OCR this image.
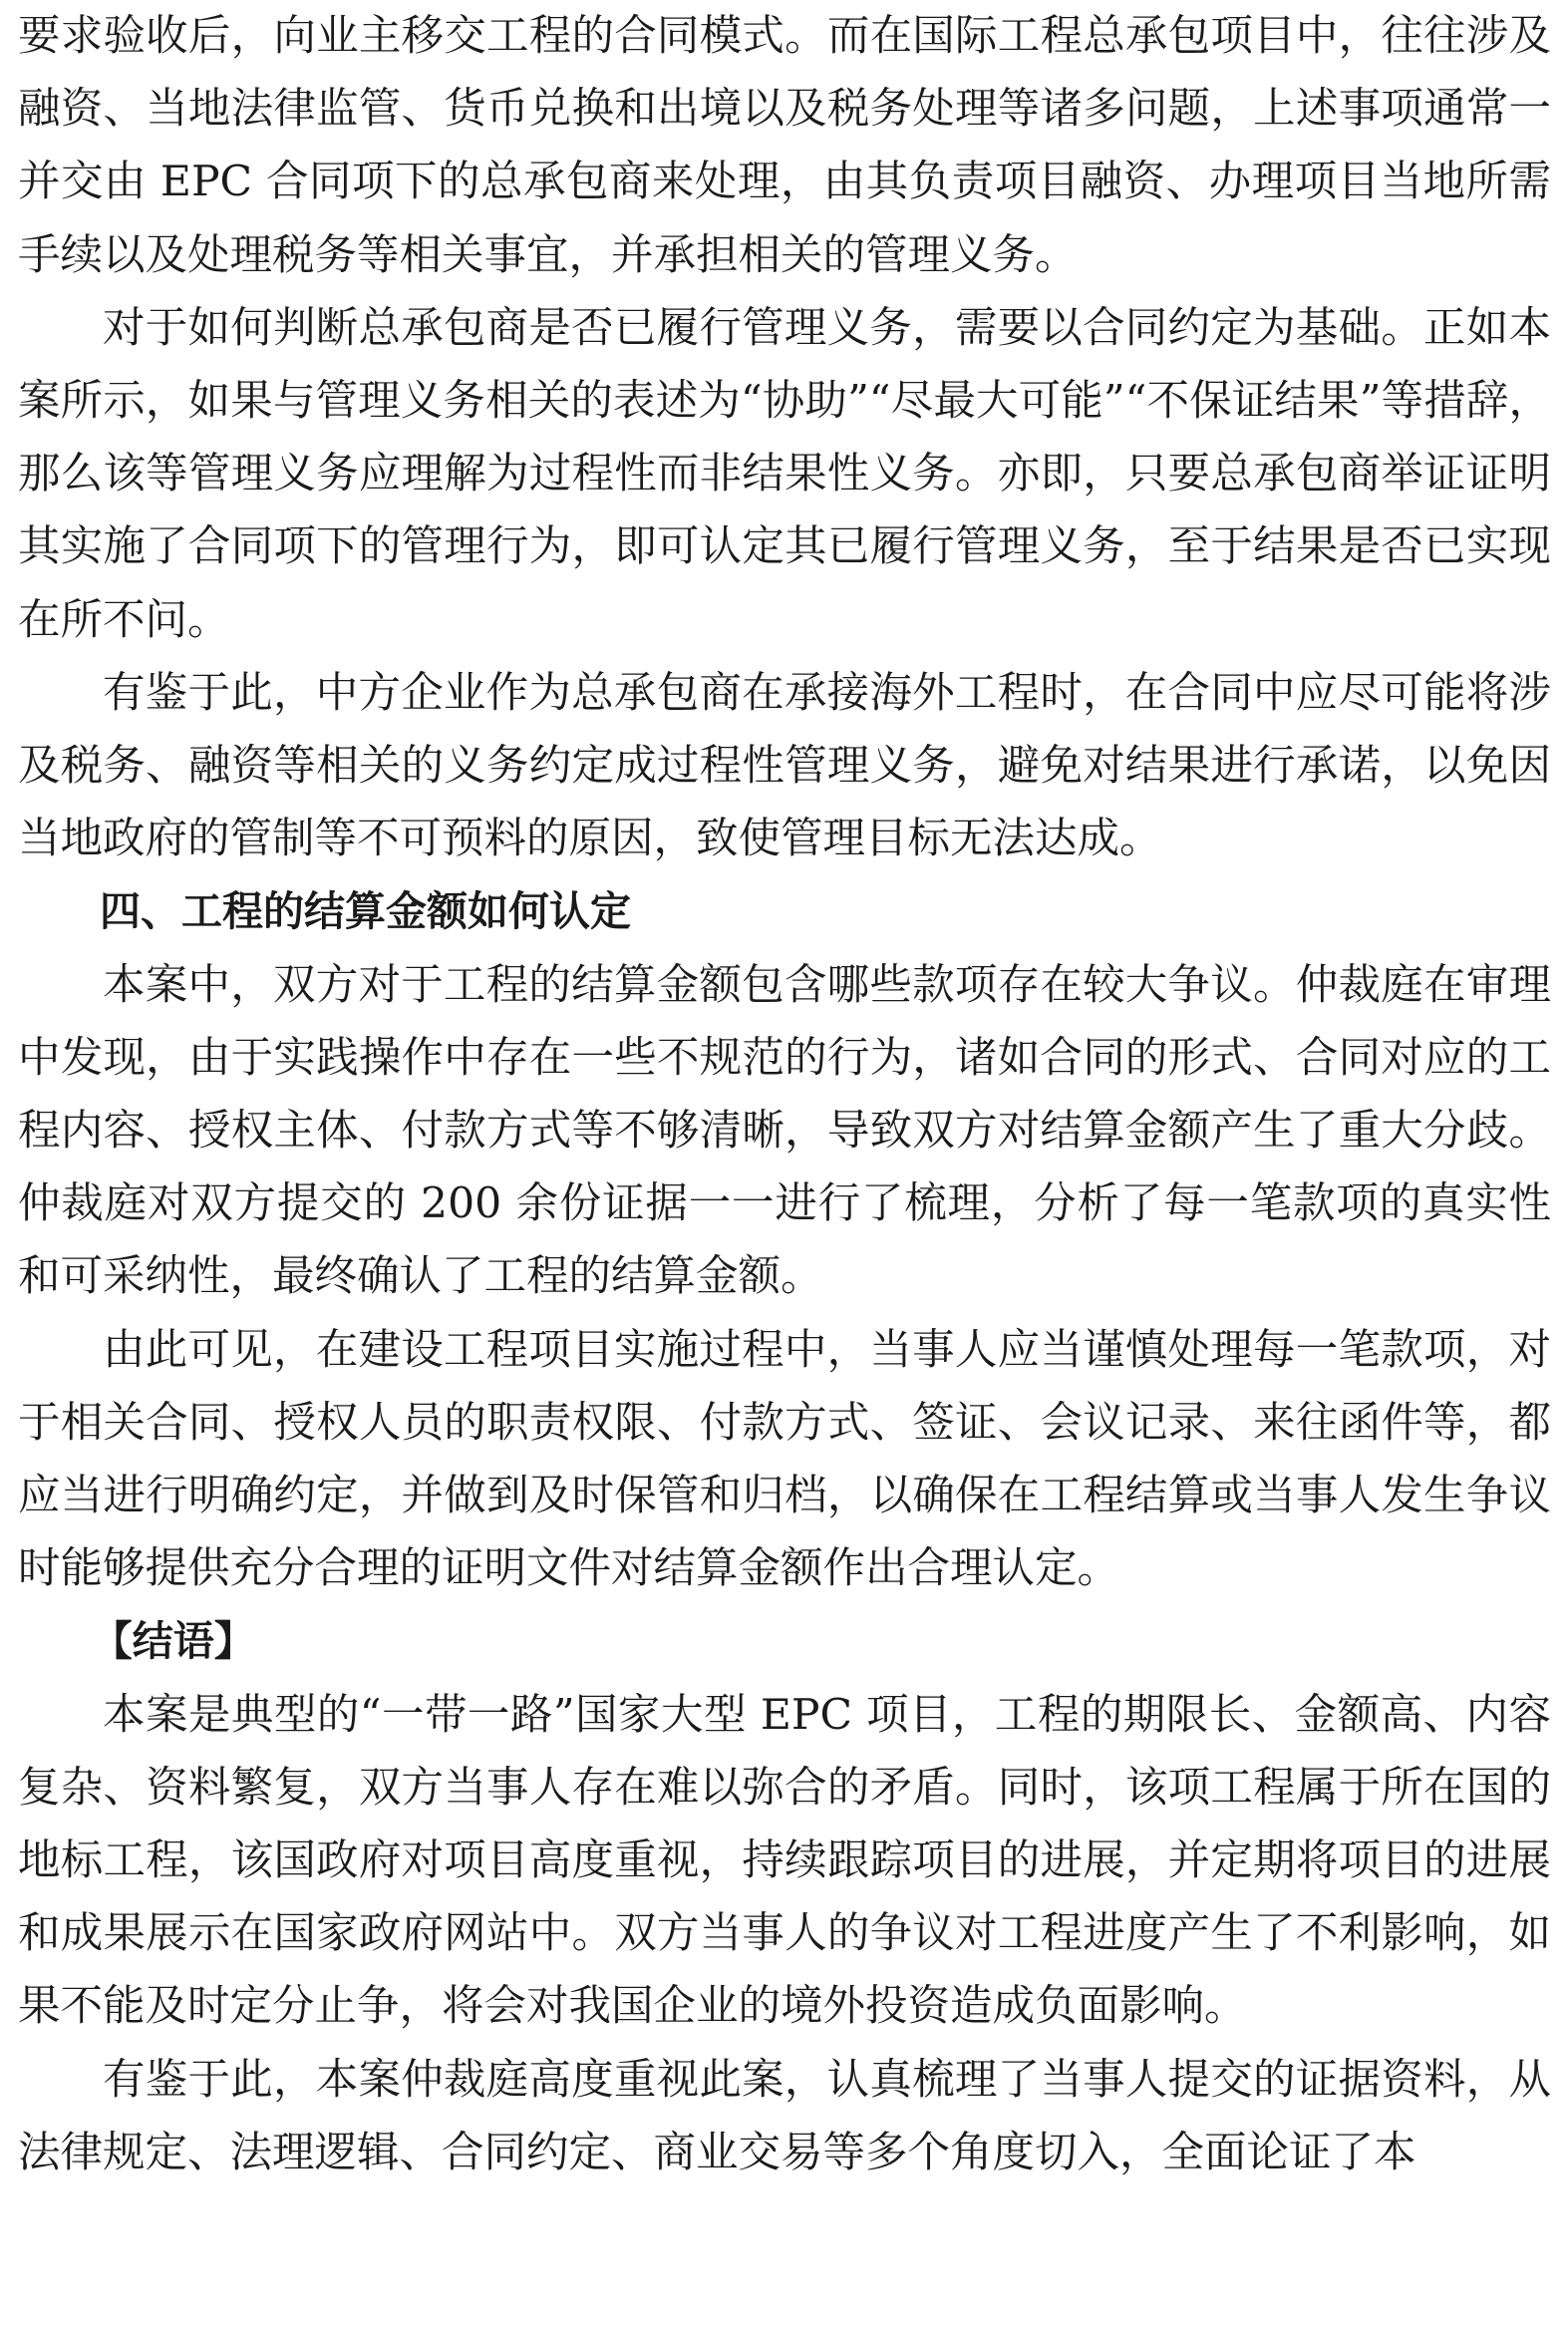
要求验收后，向业主移交工程的合同模式。而在国际工程总承包项目中，往往涉及融资、当地法律监管、货币兑换和出境以及税务处理等诸多问题，上述事项通常一并交由 EPC 合同项下的总承包商来处理，由其负责项目融资、办理项目当地所需手续以及处理税务等相关事宜，并承担相关的管理义务。

对于如何判断总承包商是否已履行管理义务，需要以合同约定为基础。正如本案所示，如果与管理义务相关的表述为“协助”“尽最大可能”“不保证结果”等措辞，那么该等管理义务应理解为过程性而非结果性义务。亦即，只要总承包商举证证明其实施了合同项下的管理行为，即可认定其已履行管理义务，至于结果是否已实现在所不问。

有鉴于此，中方企业作为总承包商在承接海外工程时，在合同中应尽可能将涉及税务、融资等相关的义务约定成过程性管理义务，避免对结果进行承诺，以免因当地政府的管制等不可预料的原因，致使管理目标无法达成。

四、工程的结算金额如何认定

本案中，双方对于工程的结算金额包含哪些款项存在较大争议。仲裁庭在审理中发现，由于实践操作中存在一些不规范的行为，诸如合同的形式、合同对应的工程内容、授权主体、付款方式等不够清晰，导致双方对结算金额产生了重大分歧。仲裁庭对双方提交的 200 余份证据一一进行了梳理，分析了每一笔款项的真实性和可采纳性，最终确认了工程的结算金额。

由此可见，在建设工程项目实施过程中，当事人应当谨慎处理每一笔款项，对于相关合同、授权人员的职责权限、付款方式、签证、会议记录、来往函件等，都应当进行明确约定，并做到及时保管和归档，以确保在工程结算或当事人发生争议时能够提供充分合理的证明文件对结算金额作出合理认定。

【结语】

本案是典型的“一带一路”国家大型 EPC 项目，工程的期限长、金额高、内容复杂、资料繁复，双方当事人存在难以弥合的矛盾。同时，该项工程属于所在国的地标工程，该国政府对项目高度重视，持续跟踪项目的进展，并定期将项目的进展和成果展示在国家政府网站中。双方当事人的争议对工程进度产生了不利影响，如果不能及时定分止争，将会对我国企业的境外投资造成负面影响。

有鉴于此，本案仲裁庭高度重视此案，认真梳理了当事人提交的证据资料，从法律规定、法理逻辑、合同约定、商业交易等多个角度切入，全面论证了本
